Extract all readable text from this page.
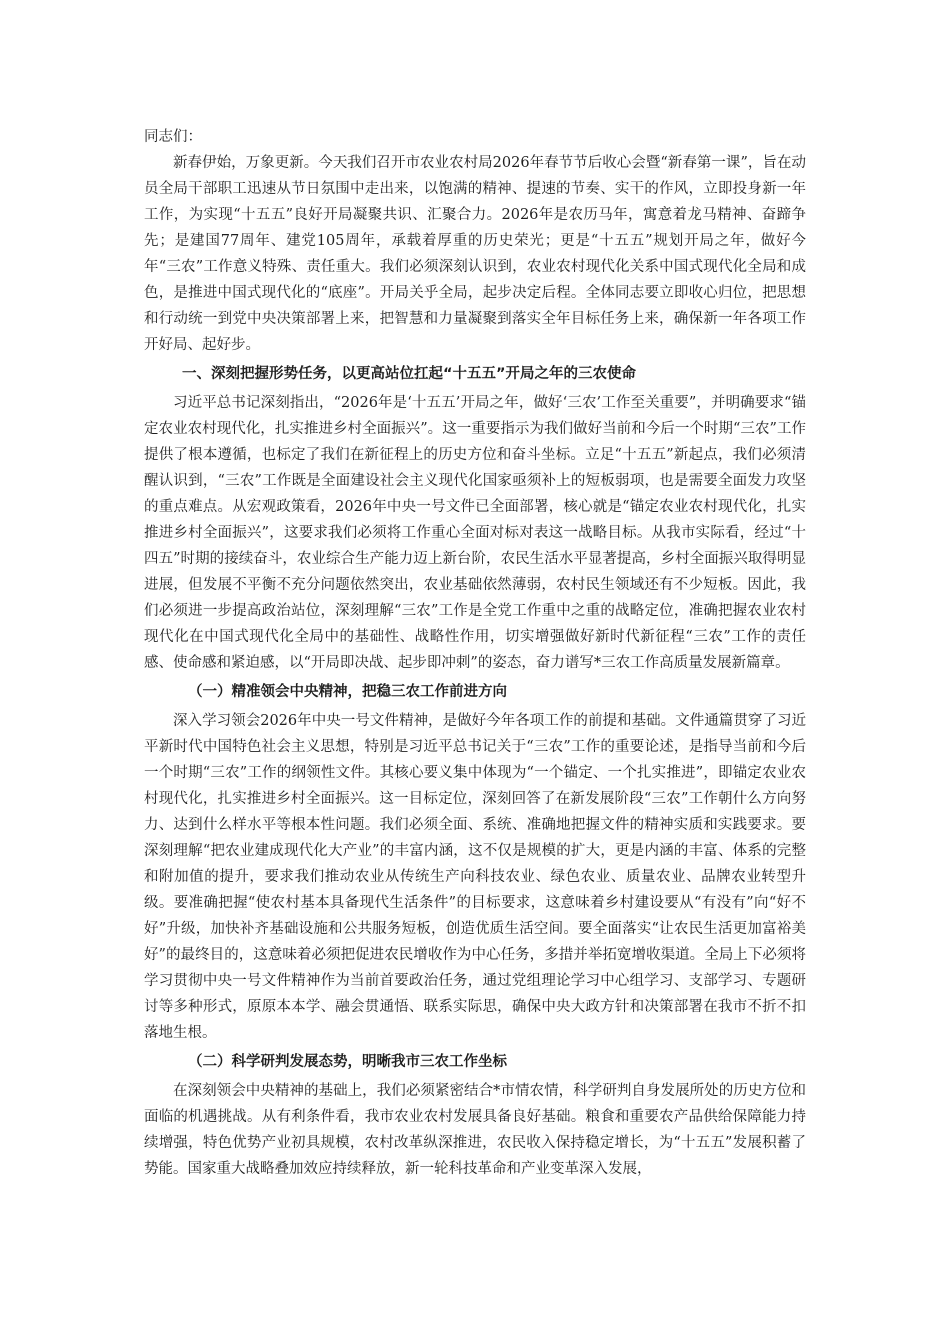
同志们：

新春伊始，万象更新。今天我们召开市农业农村局2026年春节节后收心会暨“新春第一课”，旨在动员全局干部职工迅速从节日氛围中走出来，以饱满的精神、提速的节奏、实干的作风，立即投身新一年工作，为实现“十五五”良好开局凝聚共识、汇聚合力。2026年是农历马年，寓意着龙马精神、奋蹄争先；是建国77周年、建党105周年，承载着厚重的历史荣光；更是“十五五”规划开局之年，做好今年“三农”工作意义特殊、责任重大。我们必须深刻认识到，农业农村现代化关系中国式现代化全局和成色，是推进中国式现代化的“底座”。开局关乎全局，起步决定后程。全体同志要立即收心归位，把思想和行动统一到党中央决策部署上来，把智慧和力量凝聚到落实全年目标任务上来，确保新一年各项工作开好局、起好步。

一、深刻把握形势任务，以更高站位扛起“十五五”开局之年的三农使命

习近平总书记深刻指出，“2026年是‘十五五’开局之年，做好‘三农’工作至关重要”，并明确要求“锚定农业农村现代化，扎实推进乡村全面振兴”。这一重要指示为我们做好当前和今后一个时期“三农”工作提供了根本遵循，也标定了我们在新征程上的历史方位和奋斗坐标。立足“十五五”新起点，我们必须清醒认识到，“三农”工作既是全面建设社会主义现代化国家亟须补上的短板弱项，也是需要全面发力攻坚的重点难点。从宏观政策看，2026年中央一号文件已全面部署，核心就是“锚定农业农村现代化，扎实推进乡村全面振兴”，这要求我们必须将工作重心全面对标对表这一战略目标。从我市实际看，经过“十四五”时期的接续奋斗，农业综合生产能力迈上新台阶，农民生活水平显著提高，乡村全面振兴取得明显进展，但发展不平衡不充分问题依然突出，农业基础依然薄弱，农村民生领域还有不少短板。因此，我们必须进一步提高政治站位，深刻理解“三农”工作是全党工作重中之重的战略定位，准确把握农业农村现代化在中国式现代化全局中的基础性、战略性作用，切实增强做好新时代新征程“三农”工作的责任感、使命感和紧迫感，以“开局即决战、起步即冲刺”的姿态，奋力谱写*三农工作高质量发展新篇章。

（一）精准领会中央精神，把稳三农工作前进方向

深入学习领会2026年中央一号文件精神，是做好今年各项工作的前提和基础。文件通篇贯穿了习近平新时代中国特色社会主义思想，特别是习近平总书记关于“三农”工作的重要论述，是指导当前和今后一个时期“三农”工作的纲领性文件。其核心要义集中体现为“一个锚定、一个扎实推进”，即锚定农业农村现代化，扎实推进乡村全面振兴。这一目标定位，深刻回答了在新发展阶段“三农”工作朝什么方向努力、达到什么样水平等根本性问题。我们必须全面、系统、准确地把握文件的精神实质和实践要求。要深刻理解“把农业建成现代化大产业”的丰富内涵，这不仅是规模的扩大，更是内涵的丰富、体系的完整和附加值的提升，要求我们推动农业从传统生产向科技农业、绿色农业、质量农业、品牌农业转型升级。要准确把握“使农村基本具备现代生活条件”的目标要求，这意味着乡村建设要从“有没有”向“好不好”升级，加快补齐基础设施和公共服务短板，创造优质生活空间。要全面落实“让农民生活更加富裕美好”的最终目的，这意味着必须把促进农民增收作为中心任务，多措并举拓宽增收渠道。全局上下必须将学习贯彻中央一号文件精神作为当前首要政治任务，通过党组理论学习中心组学习、支部学习、专题研讨等多种形式，原原本本学、融会贯通悟、联系实际思，确保中央大政方针和决策部署在我市不折不扣落地生根。

（二）科学研判发展态势，明晰我市三农工作坐标

在深刻领会中央精神的基础上，我们必须紧密结合*市情农情，科学研判自身发展所处的历史方位和面临的机遇挑战。从有利条件看，我市农业农村发展具备良好基础。粮食和重要农产品供给保障能力持续增强，特色优势产业初具规模，农村改革纵深推进，农民收入保持稳定增长，为“十五五”发展积蓄了势能。国家重大战略叠加效应持续释放，新一轮科技革命和产业变革深入发展，
